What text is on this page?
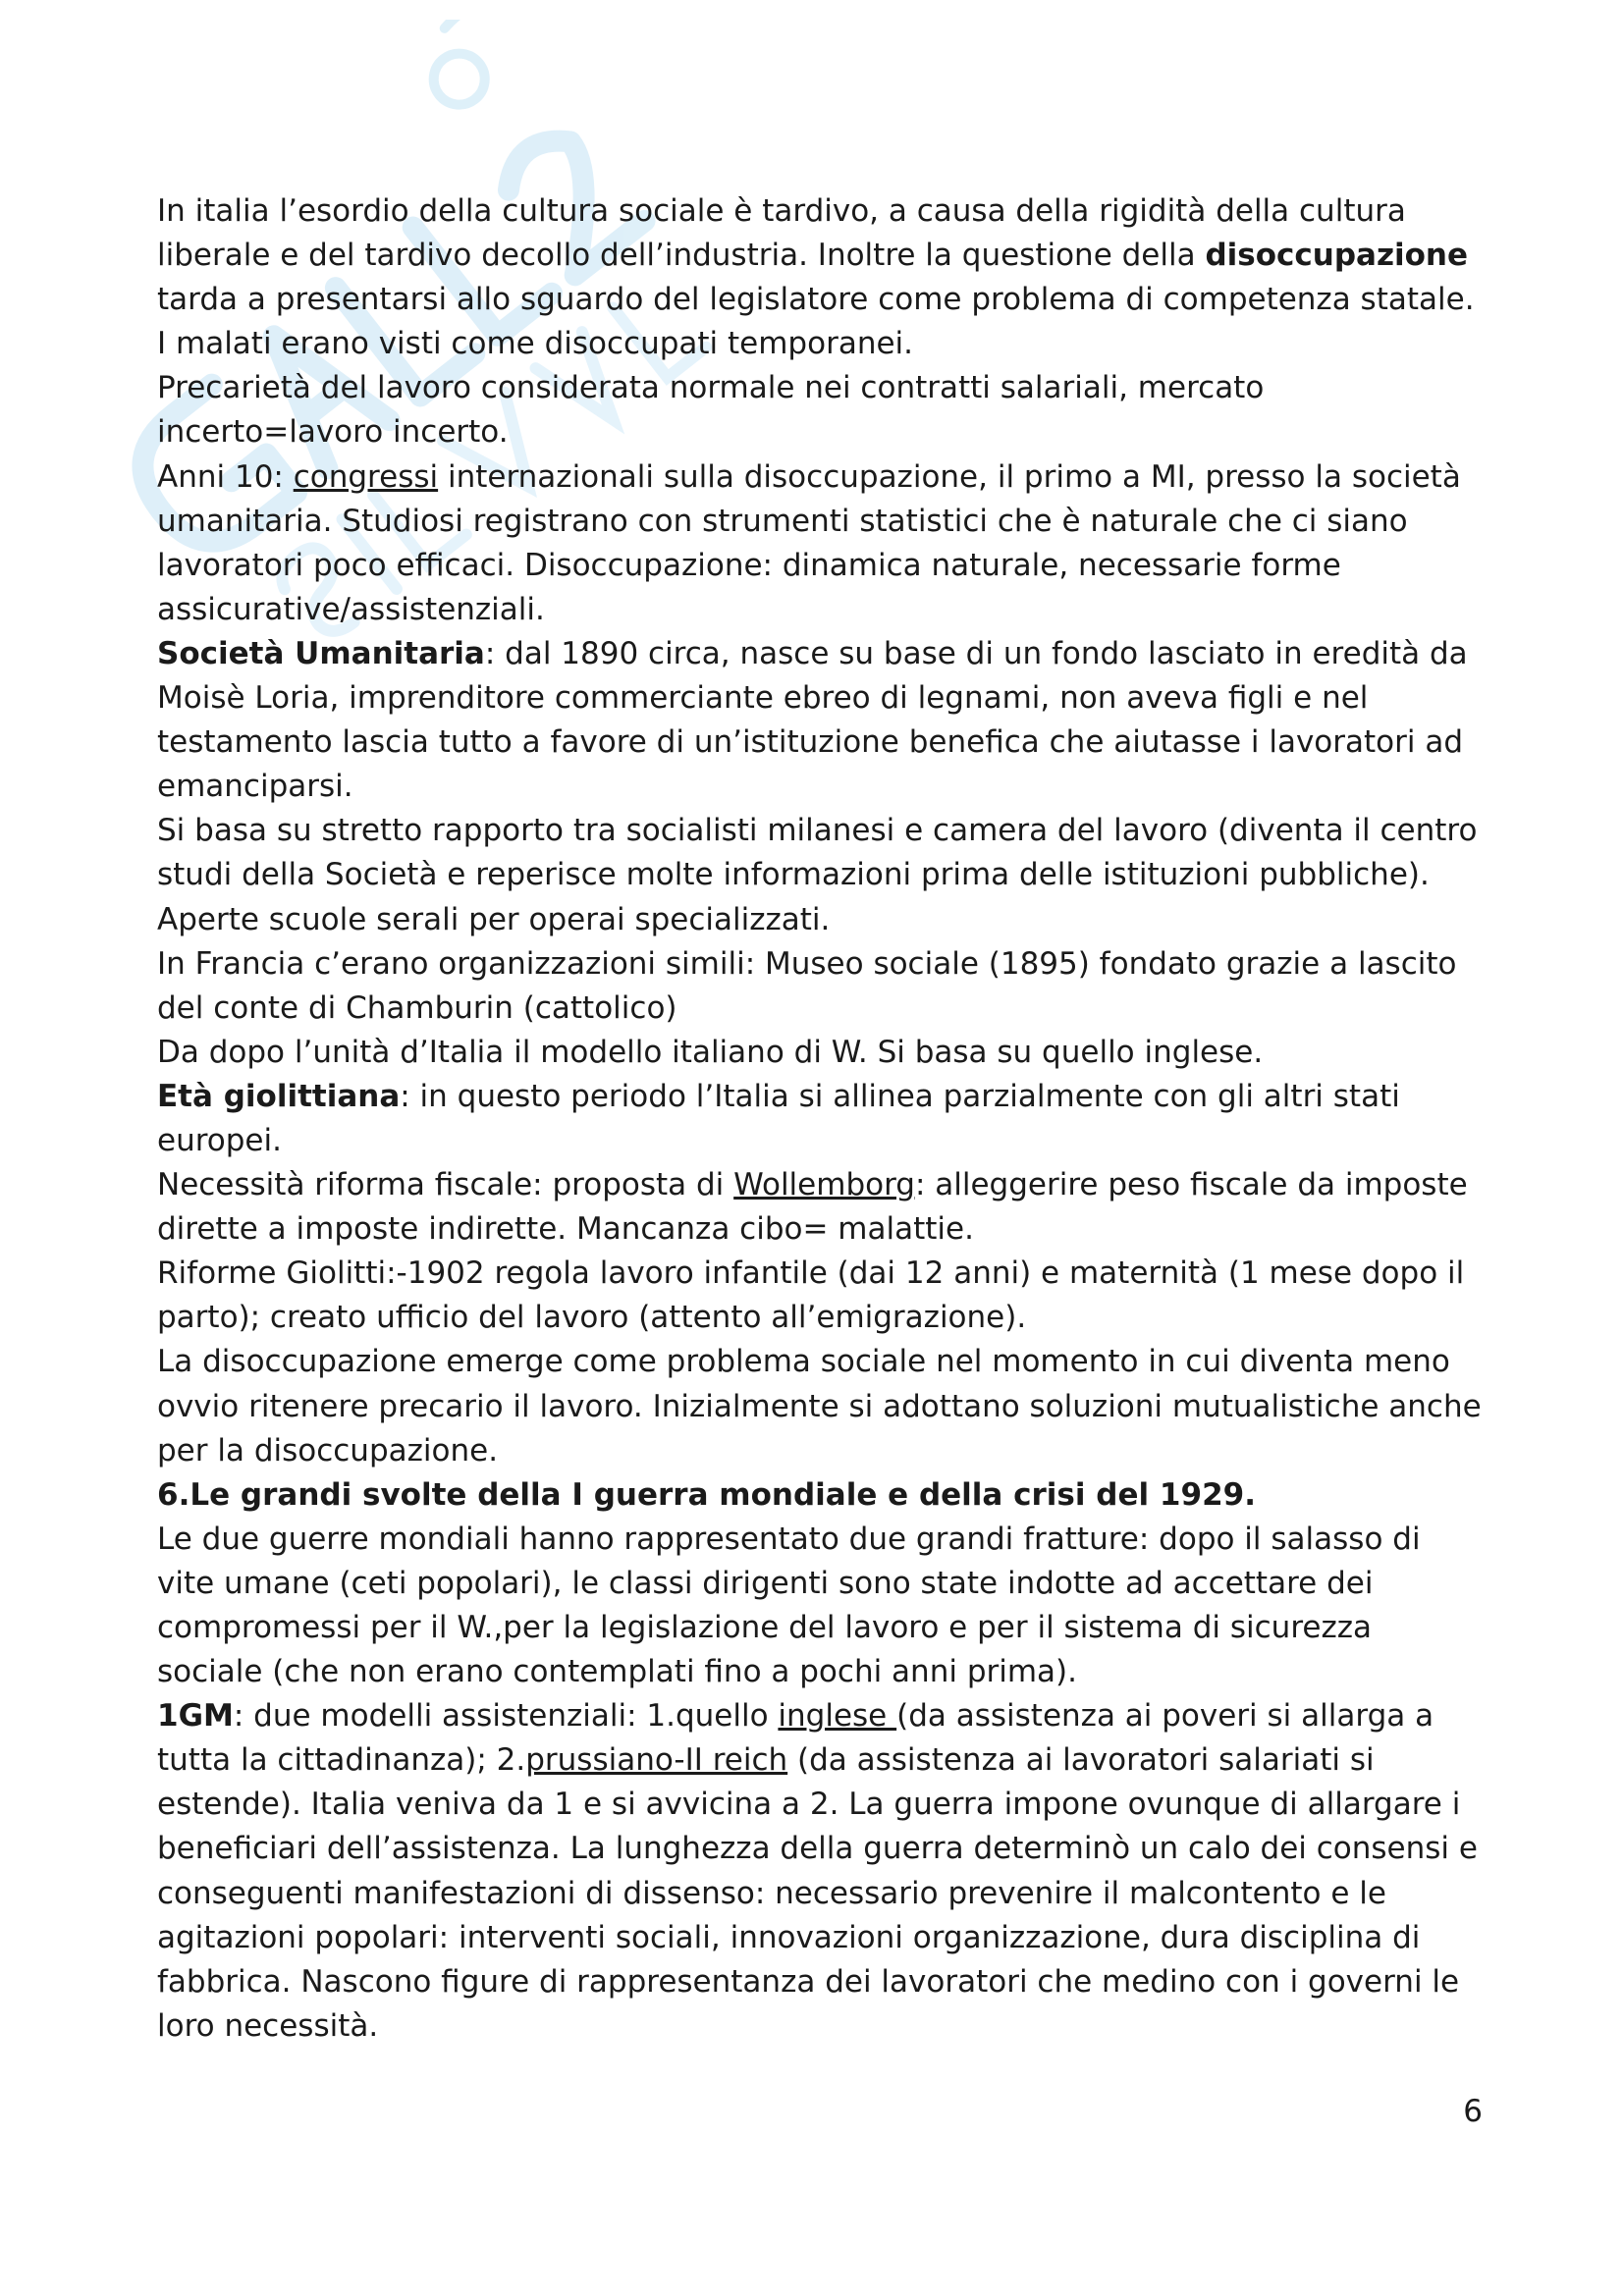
In italia l’esordio della cultura sociale è tardivo, a causa della rigidità della cultura liberale e del tardivo decollo dell’industria. Inoltre la questione della disoccupazione tarda a presentarsi allo sguardo del legislatore come problema di competenza statale. I malati erano visti come disoccupati temporanei.

Precarietà del lavoro considerata normale nei contratti salariali, mercato incerto=lavoro incerto.

Anni 10: congressi internazionali sulla disoccupazione, il primo a MI, presso la società umanitaria. Studiosi registrano con strumenti statistici che è naturale che ci siano lavoratori poco efficaci. Disoccupazione: dinamica naturale, necessarie forme assicurative/assistenziali.

Società Umanitaria: dal 1890 circa, nasce su base di un fondo lasciato in eredità da Moisè Loria, imprenditore commerciante ebreo di legnami, non aveva figli e nel testamento lascia tutto a favore di un’istituzione benefica che aiutasse i lavoratori ad emanciparsi.

Si basa su stretto rapporto tra socialisti milanesi e camera del lavoro (diventa il centro studi della Società e reperisce molte informazioni prima delle istituzioni pubbliche). Aperte scuole serali per operai specializzati.

In Francia c’erano organizzazioni simili: Museo sociale (1895) fondato grazie a lascito del conte di Chamburin (cattolico)

Da dopo l’unità d’Italia il modello italiano di W. Si basa su quello inglese.

Età giolittiana: in questo periodo l’Italia si allinea parzialmente con gli altri stati europei.

Necessità riforma fiscale: proposta di Wollemborg: alleggerire peso fiscale da imposte dirette a imposte indirette. Mancanza cibo= malattie.

Riforme Giolitti:-1902 regola lavoro infantile (dai 12 anni) e maternità (1 mese dopo il parto); creato ufficio del lavoro (attento all’emigrazione).

La disoccupazione emerge come problema sociale nel momento in cui diventa meno ovvio ritenere precario il lavoro. Inizialmente si adottano soluzioni mutualistiche anche per la disoccupazione.

6.Le grandi svolte della I guerra mondiale e della crisi del 1929.

Le due guerre mondiali hanno rappresentato due grandi fratture: dopo il salasso di vite umane (ceti popolari), le classi dirigenti sono state indotte ad accettare dei compromessi per il W.,per la legislazione del lavoro e per il sistema di sicurezza sociale (che non erano contemplati fino a pochi anni prima).

1GM: due modelli assistenziali: 1.quello inglese (da assistenza ai poveri si allarga a tutta la cittadinanza); 2.prussiano-II reich (da assistenza ai lavoratori salariati si estende). Italia veniva da 1 e si avvicina a 2. La guerra impone ovunque di allargare i beneficiari dell’assistenza. La lunghezza della guerra determinò un calo dei consensi e conseguenti manifestazioni di dissenso: necessario prevenire il malcontento e le agitazioni popolari: interventi sociali, innovazioni organizzazione, dura disciplina di fabbrica. Nascono figure di rappresentanza dei lavoratori che medino con i governi le loro necessità.

6
